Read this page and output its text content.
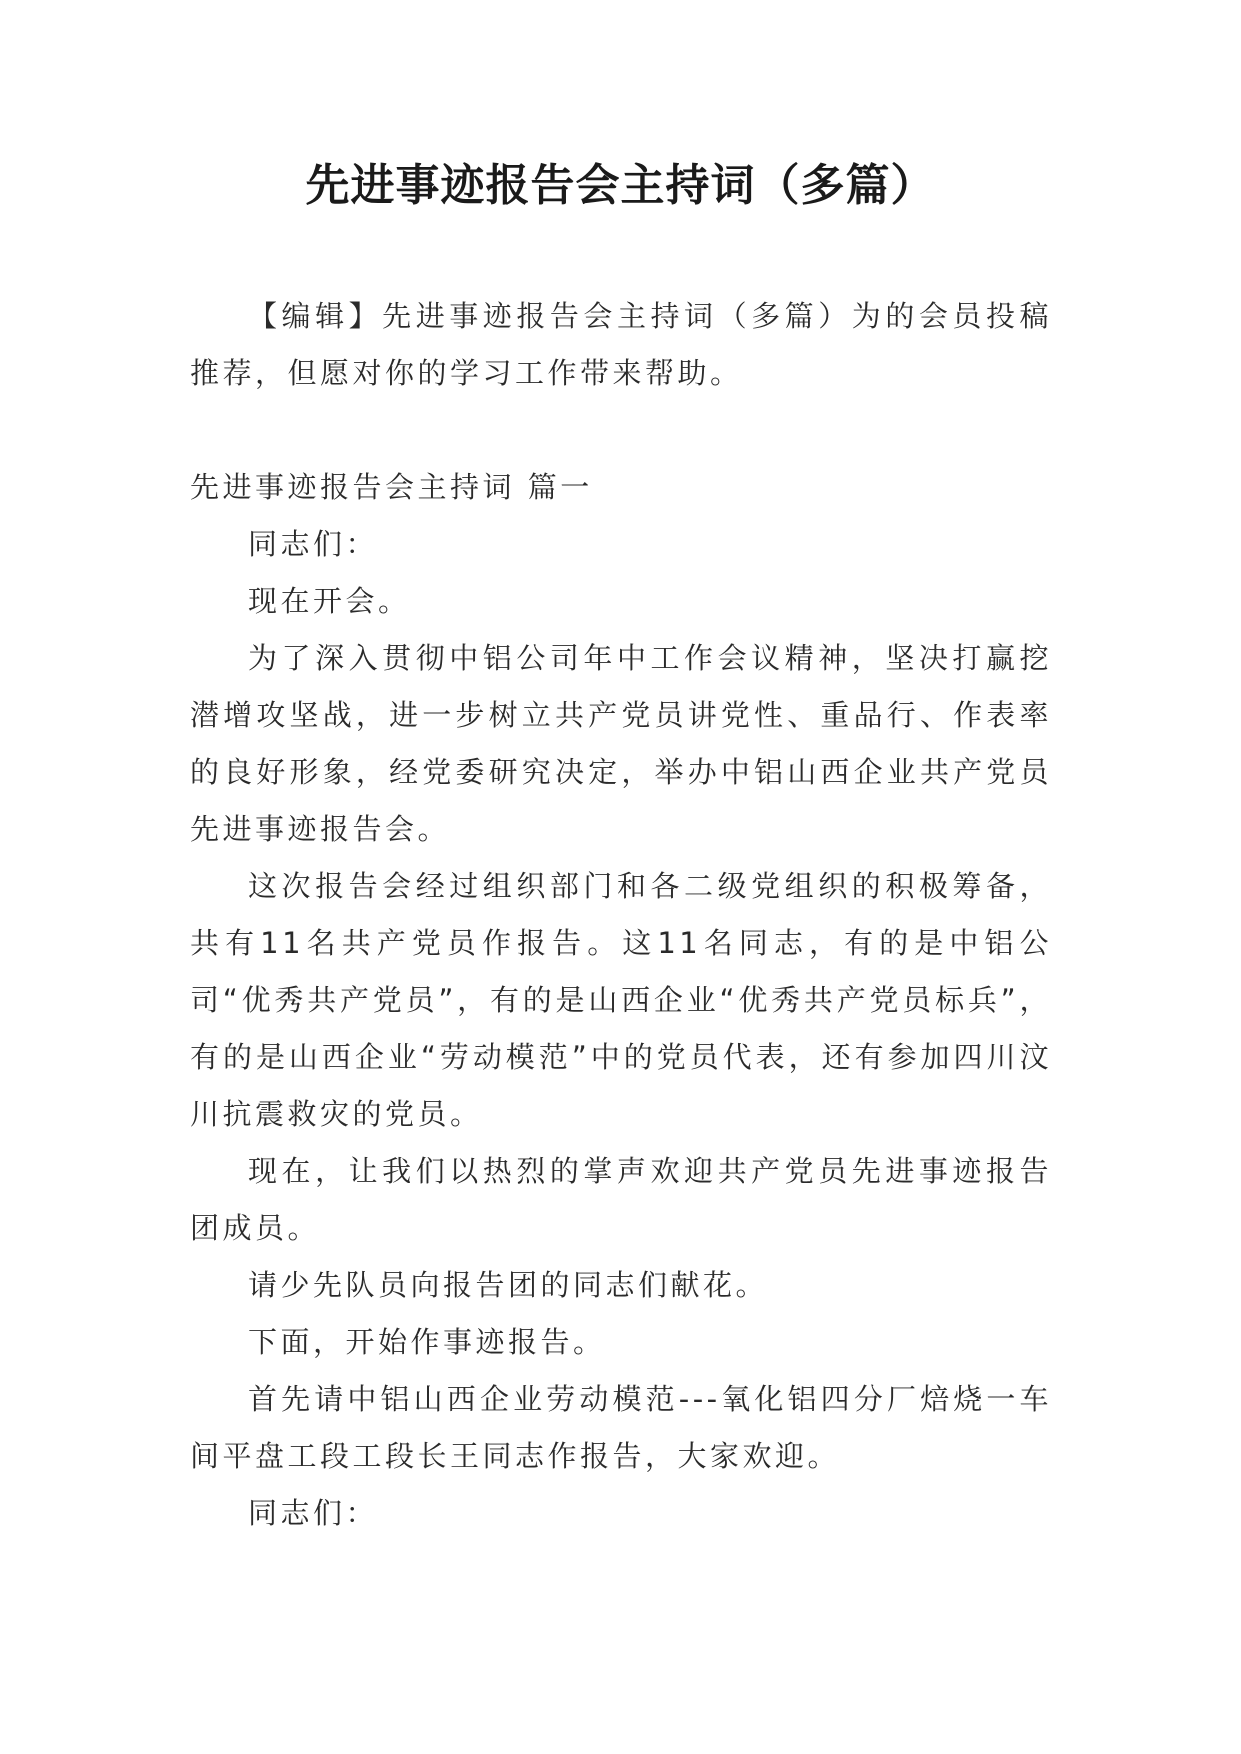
先进事迹报告会主持词（多篇）

【编辑】先进事迹报告会主持词（多篇）为的会员投稿推荐，但愿对你的学习工作带来帮助。

先进事迹报告会主持词 篇一

同志们：

现在开会。

为了深入贯彻中铝公司年中工作会议精神，坚决打赢挖潜增攻坚战，进一步树立共产党员讲党性、重品行、作表率的良好形象，经党委研究决定，举办中铝山西企业共产党员先进事迹报告会。

这次报告会经过组织部门和各二级党组织的积极筹备，共有11名共产党员作报告。这11名同志，有的是中铝公司“优秀共产党员”，有的是山西企业“优秀共产党员标兵”，有的是山西企业“劳动模范”中的党员代表，还有参加四川汶川抗震救灾的党员。

现在，让我们以热烈的掌声欢迎共产党员先进事迹报告团成员。

请少先队员向报告团的同志们献花。

下面，开始作事迹报告。

首先请中铝山西企业劳动模范---氧化铝四分厂焙烧一车间平盘工段工段长王同志作报告，大家欢迎。

同志们：
